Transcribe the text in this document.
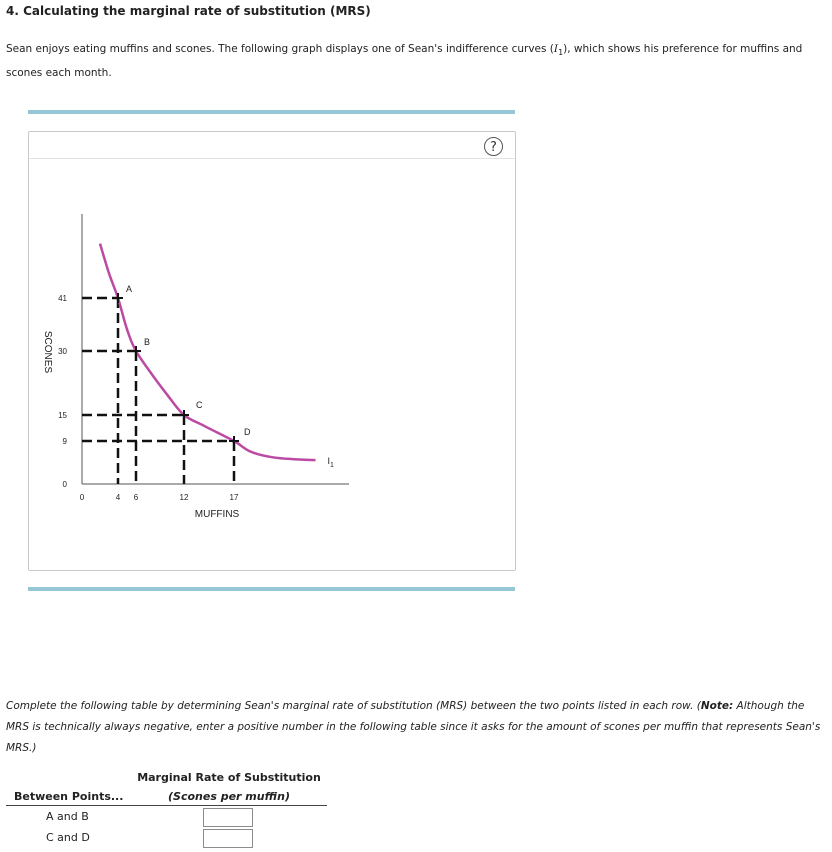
4. Calculating the marginal rate of substitution (MRS)
Sean enjoys eating muffins and scones. The following graph displays one of Sean's indifference curves $(I_1)$, which shows his preference for muffins and scones each month.
?
0	4 6	12	17
0
9
15
30
41
A
B
C
D
MUFFINS
SCONES
$I_1$
Complete the following table by determining Sean's marginal rate of substitution (MRS) between the two points listed in each row. (Note: Although the MRS is technically always negative, enter a positive number in the following table since it asks for the amount of scones per muffin that represents Sean's MRS.)
Marginal Rate of Substitution
(Scones per muffin)
Between Points...
A and B
C and D
